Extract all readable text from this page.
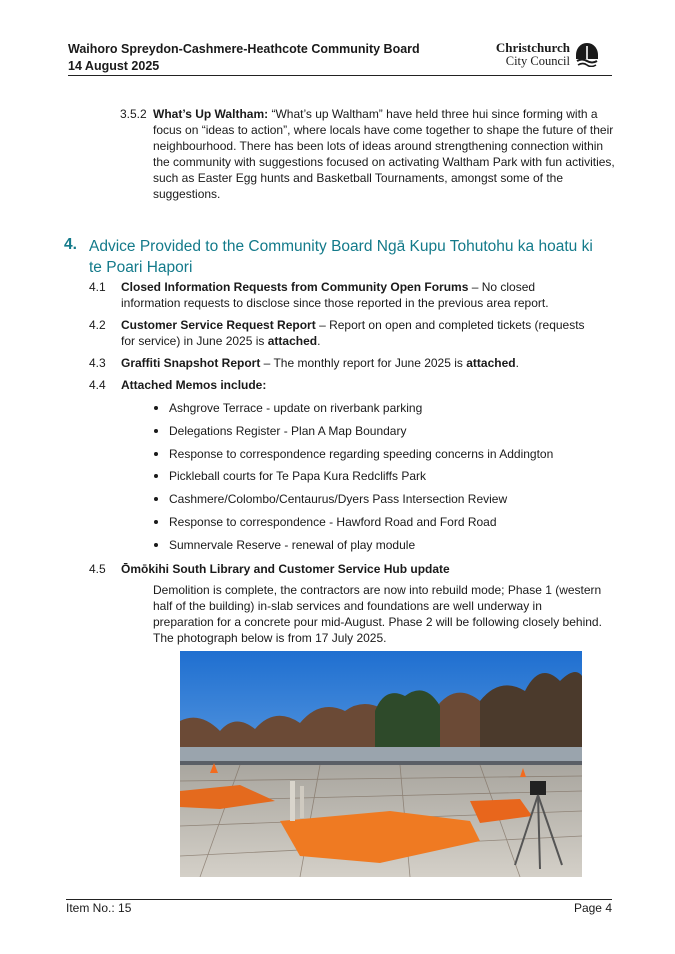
Waihoro Spreydon-Cashmere-Heathcote Community Board
14 August 2025
Christchurch
City Council
3.5.2 What’s Up Waltham: “What’s up Waltham” have held three hui since forming with a focus on “ideas to action”, where locals have come together to shape the future of their neighbourhood. There has been lots of ideas around strengthening connection within the community with suggestions focused on activating Waltham Park with fun activities, such as Easter Egg hunts and Basketball Tournaments, amongst some of the suggestions.
4. Advice Provided to the Community Board Ngā Kupu Tohutohu ka hoatu ki te Poari Hapori
4.1 Closed Information Requests from Community Open Forums – No closed information requests to disclose since those reported in the previous area report.
4.2 Customer Service Request Report – Report on open and completed tickets (requests for service) in June 2025 is attached.
4.3 Graffiti Snapshot Report – The monthly report for June 2025 is attached.
4.4 Attached Memos include:
Ashgrove Terrace - update on riverbank parking
Delegations Register - Plan A Map Boundary
Response to correspondence regarding speeding concerns in Addington
Pickleball courts for Te Papa Kura Redcliffs Park
Cashmere/Colombo/Centaurus/Dyers Pass Intersection Review
Response to correspondence - Hawford Road and Ford Road
Sumnervale Reserve - renewal of play module
4.5 Ōmōkihi South Library and Customer Service Hub update
Demolition is complete, the contractors are now into rebuild mode; Phase 1 (western half of the building) in-slab services and foundations are well underway in preparation for a concrete pour mid-August. Phase 2 will be following closely behind. The photograph below is from 17 July 2025.
Item No.: 15	Page 4
